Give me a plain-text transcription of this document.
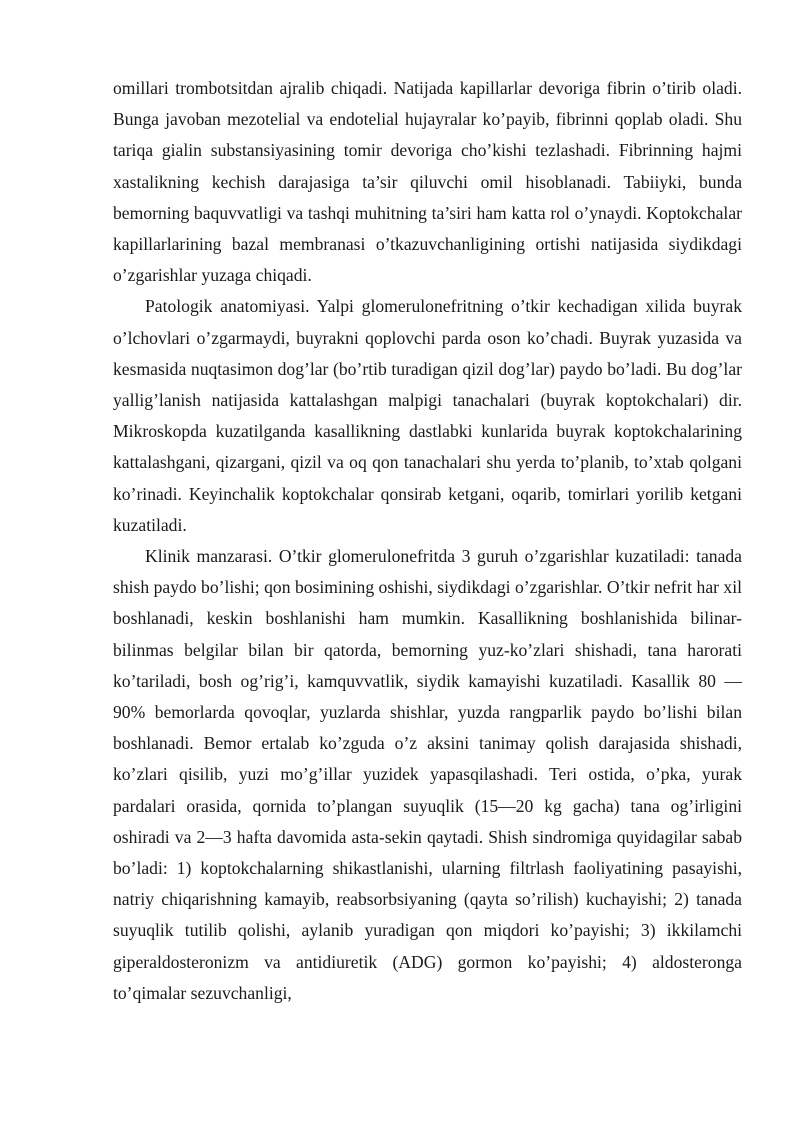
omillari trombotsitdan ajralib chiqadi. Natijada kapillarlar devoriga fibrin o’tirib oladi. Bunga javoban mezotelial va endotelial hujayralar ko’payib, fibrinni qoplab oladi. Shu tariqa gialin substansiyasining tomir devoriga cho’kishi tezlashadi. Fibrinning hajmi xastalikning kechish darajasiga ta’sir qiluvchi omil hisoblanadi. Tabiiyki, bunda bemorning baquvvatligi va tashqi muhitning ta’siri ham katta rol o’ynaydi. Koptokchalar kapillarlarining bazal membranasi o’tkazuvchanligining ortishi natijasida siydikdagi o’zgarishlar yuzaga chiqadi.

Patologik anatomiyasi. Yalpi glomerulonefritning o’tkir kechadigan xilida buyrak o’lchovlari o’zgarmaydi, buyrakni qoplovchi parda oson ko’chadi. Buyrak yuzasida va kesmasida nuqtasimon dog’lar (bo’rtib turadigan qizil dog’lar) paydo bo’ladi. Bu dog’lar yallig’lanish natijasida kattalashgan malpigi tanachalari (buyrak koptokchalari) dir. Mikroskopda kuzatilganda kasallikning dastlabki kunlarida buyrak koptokchalarining kattalashgani, qizargani, qizil va oq qon tanachalari shu yerda to’planib, to’xtab qolgani ko’rinadi. Keyinchalik koptokchalar qonsirab ketgani, oqarib, tomirlari yorilib ketgani kuzatiladi.

Klinik manzarasi. O’tkir glomerulonefritda 3 guruh o’zgarishlar kuzatiladi: tanada shish paydo bo’lishi; qon bosimining oshishi, siydikdagi o’zgarishlar. O’tkir nefrit har xil boshlanadi, keskin boshlanishi ham mumkin. Kasallikning boshlanishida bilinar-bilinmas belgilar bilan bir qatorda, bemorning yuz-ko’zlari shishadi, tana harorati ko’tariladi, bosh og’rig’i, kamquvvatlik, siydik kamayishi kuzatiladi. Kasallik 80 — 90% bemorlarda qovoqlar, yuzlarda shishlar, yuzda rangparlik paydo bo’lishi bilan boshlanadi. Bemor ertalab ko’zguda o’z aksini tanimay qolish darajasida shishadi, ko’zlari qisilib, yuzi mo’g’illar yuzidek yapasqilashadi. Teri ostida, o’pka, yurak pardalari orasida, qornida to’plangan suyuqlik (15—20 kg gacha) tana og’irligini oshiradi va 2—3 hafta davomida asta-sekin qaytadi. Shish sindromiga quyidagilar sabab bo’ladi: 1) koptokchalarning shikastlanishi, ularning filtrlash faoliyatining pasayishi, natriy chiqarishning kamayib, reabsorbsiyaning (qayta so’rilish) kuchayishi; 2) tanada suyuqlik tutilib qolishi, aylanib yuradigan qon miqdori ko’payishi; 3) ikkilamchi giperaldosteronizm va antidiuretik (ADG) gormon ko’payishi; 4) aldosteronga to’qimalar sezuvchanligi,
